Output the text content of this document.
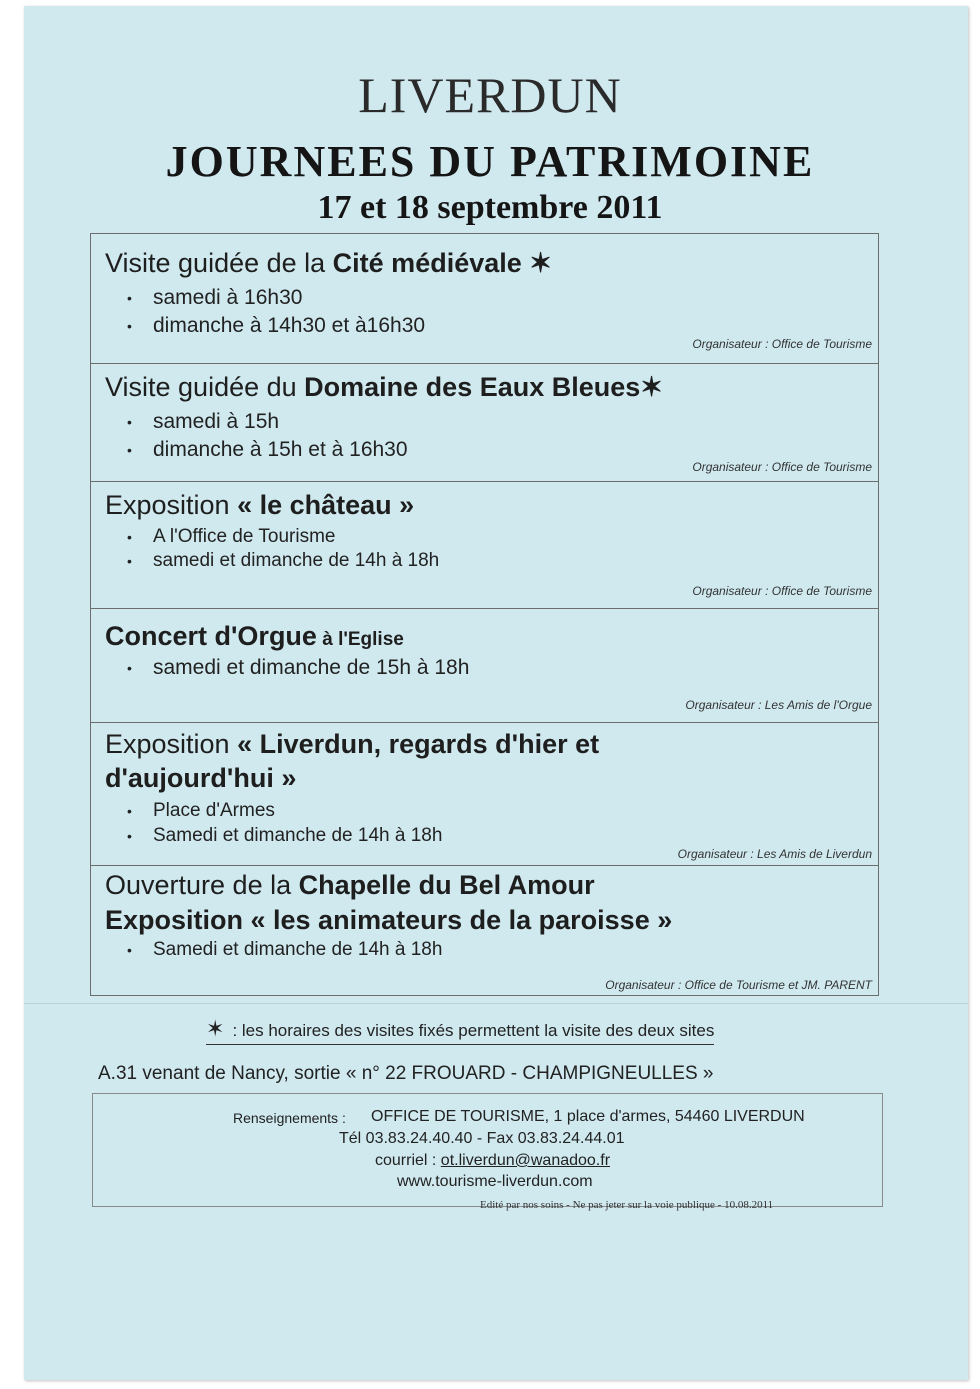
LIVERDUN
JOURNEES DU PATRIMOINE
17 et 18 septembre 2011
Visite guidée de la Cité médiévale ✶
• samedi à 16h30
• dimanche à 14h30 et à16h30
Organisateur : Office de Tourisme
Visite guidée du Domaine des Eaux Bleues✶
• samedi à 15h
• dimanche à 15h et à 16h30
Organisateur : Office de Tourisme
Exposition « le château »
• A l'Office de Tourisme
• samedi et dimanche de 14h à 18h
Organisateur : Office de Tourisme
Concert d'Orgue à l'Eglise
• samedi et dimanche de 15h à 18h
Organisateur : Les Amis de l'Orgue
Exposition « Liverdun, regards d'hier et
d'aujourd'hui »
• Place d'Armes
• Samedi et dimanche de 14h à 18h
Organisateur : Les Amis de Liverdun
Ouverture de la Chapelle du Bel Amour
Exposition « les animateurs de la paroisse »
• Samedi et dimanche de 14h à 18h
Organisateur : Office de Tourisme et JM. PARENT
✶ : les horaires des visites fixés permettent la visite des deux sites
A.31 venant de Nancy, sortie « n° 22 FROUARD - CHAMPIGNEULLES »
Renseignements : OFFICE DE TOURISME, 1 place d'armes, 54460 LIVERDUN
Tél 03.83.24.40.40 - Fax 03.83.24.44.01
courriel : ot.liverdun@wanadoo.fr
www.tourisme-liverdun.com
Edité par nos soins - Ne pas jeter sur la voie publique - 10.08.2011
